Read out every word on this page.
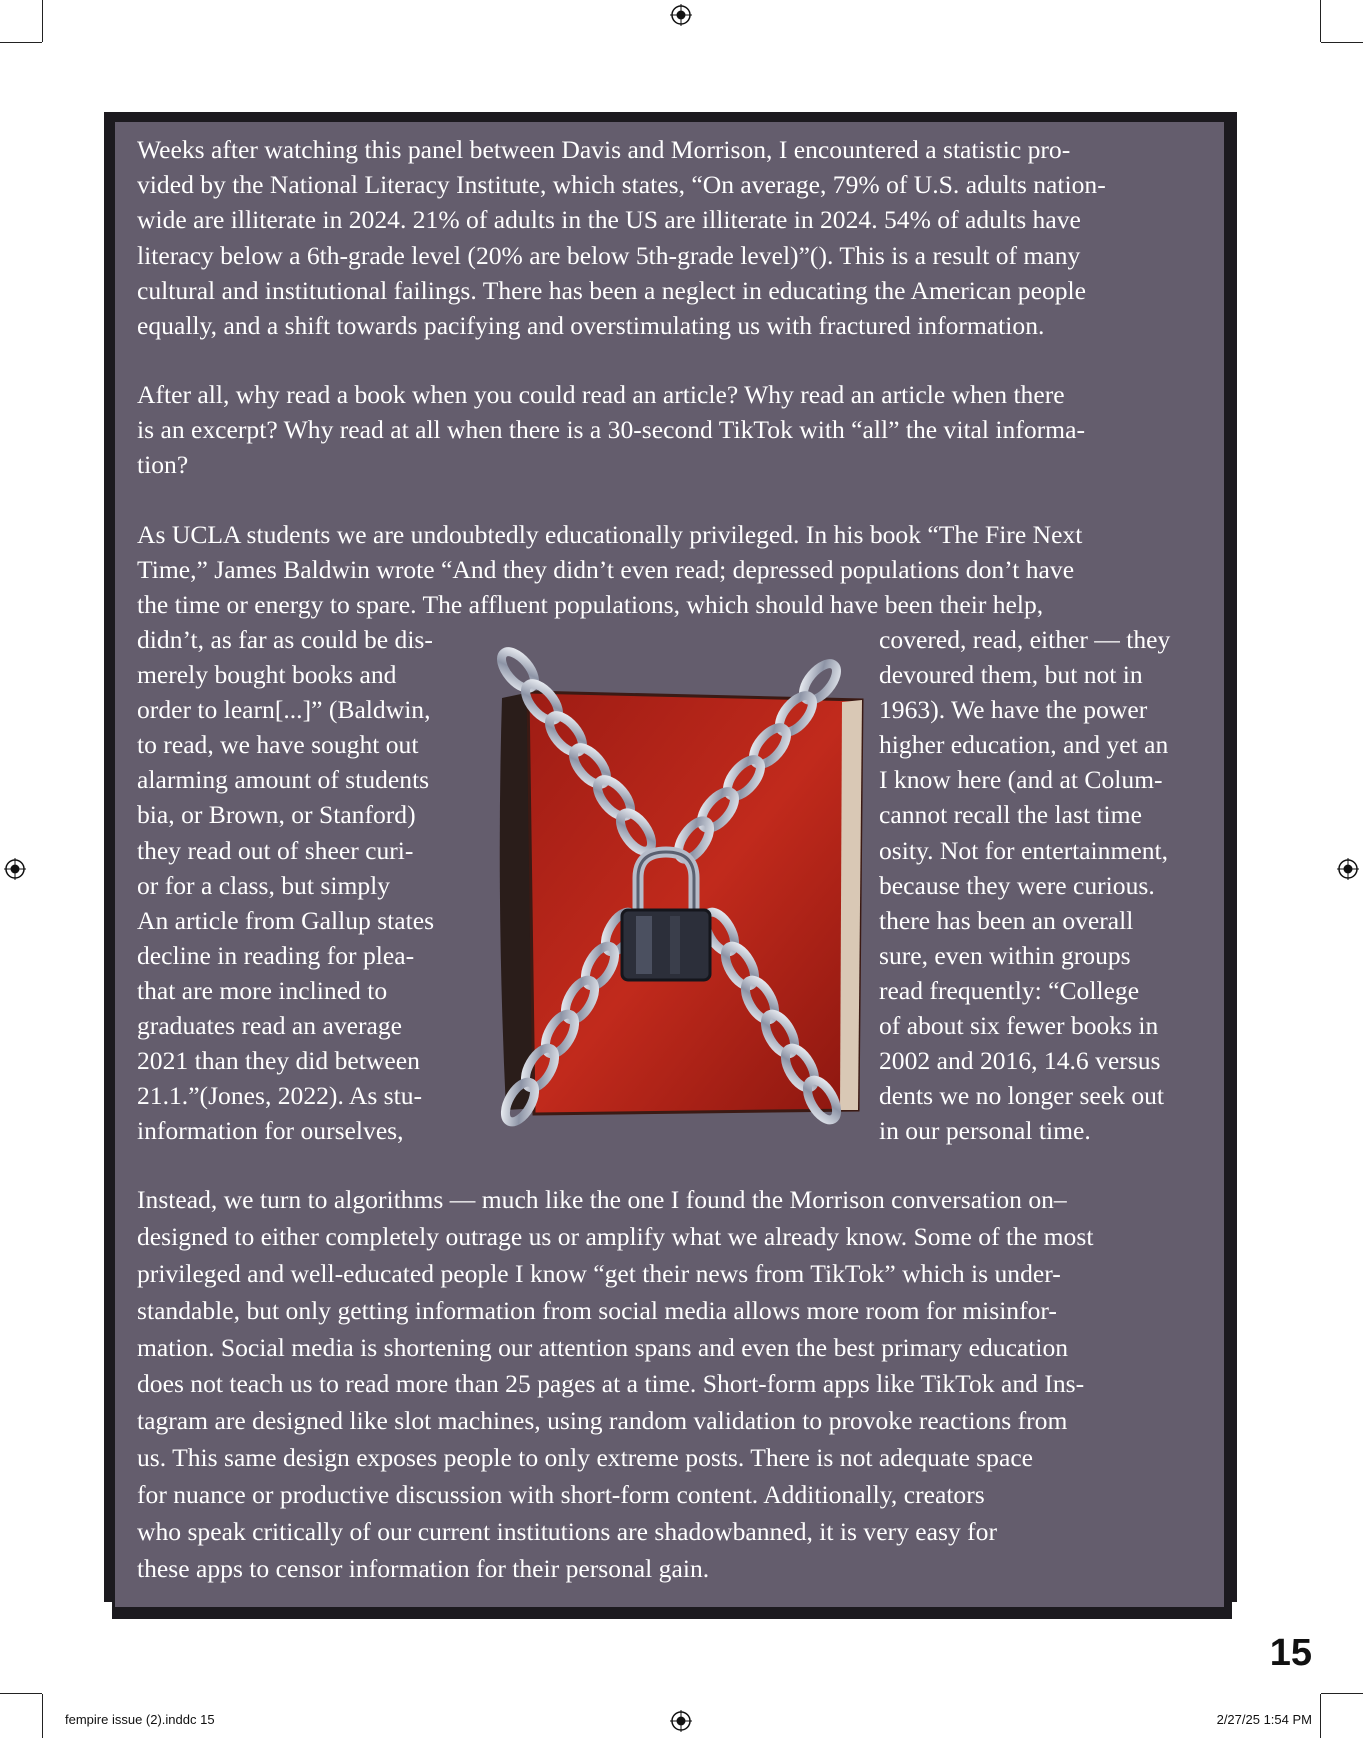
Weeks after watching this panel between Davis and Morrison, I encountered a statistic pro-
vided by the National Literacy Institute, which states, “On average, 79% of U.S. adults nation-
wide are illiterate in 2024. 21% of adults in the US are illiterate in 2024. 54% of adults have
literacy below a 6th-grade level (20% are below 5th-grade level)”(). This is a result of many
cultural and institutional failings. There has been a neglect in educating the American people
equally, and a shift towards pacifying and overstimulating us with fractured information.
After all, why read a book when you could read an article? Why read an article when there
is an excerpt? Why read at all when there is a 30-second TikTok with “all” the vital informa-
tion?
As UCLA students we are undoubtedly educationally privileged. In his book “The Fire Next
Time,” James Baldwin wrote “And they didn’t even read; depressed populations don’t have
the time or energy to spare. The affluent populations, which should have been their help,
didn’t, as far as could be dis-
merely bought books and
order to learn[...]” (Baldwin,
to read, we have sought out
alarming amount of students
bia, or Brown, or Stanford)
they read out of sheer curi-
or for a class, but simply
An article from Gallup states
decline in reading for plea-
that are more inclined to
graduates read an average
2021 than they did between
21.1.”(Jones, 2022). As stu-
information for ourselves,
covered, read, either — they
devoured them, but not in
1963). We have the power
higher education, and yet an
I know here (and at Colum-
cannot recall the last time
osity. Not for entertainment,
because they were curious.
there has been an overall
sure, even within groups
read frequently: “College
of about six fewer books in
2002 and 2016, 14.6 versus
dents we no longer seek out
in our personal time.
Instead, we turn to algorithms — much like the one I found the Morrison conversation on–
designed to either completely outrage us or amplify what we already know. Some of the most
privileged and well-educated people I know “get their news from TikTok” which is under-
standable, but only getting information from social media allows more room for misinfor-
mation. Social media is shortening our attention spans and even the best primary education
does not teach us to read more than 25 pages at a time. Short-form apps like TikTok and Ins-
tagram are designed like slot machines, using random validation to provoke reactions from
us. This same design exposes people to only extreme posts. There is not adequate space
for nuance or productive discussion with short-form content. Additionally, creators
who speak critically of our current institutions are shadowbanned, it is very easy for
these apps to censor information for their personal gain.
15
fempire issue (2).inddc 15	2/27/25 1:54 PM
